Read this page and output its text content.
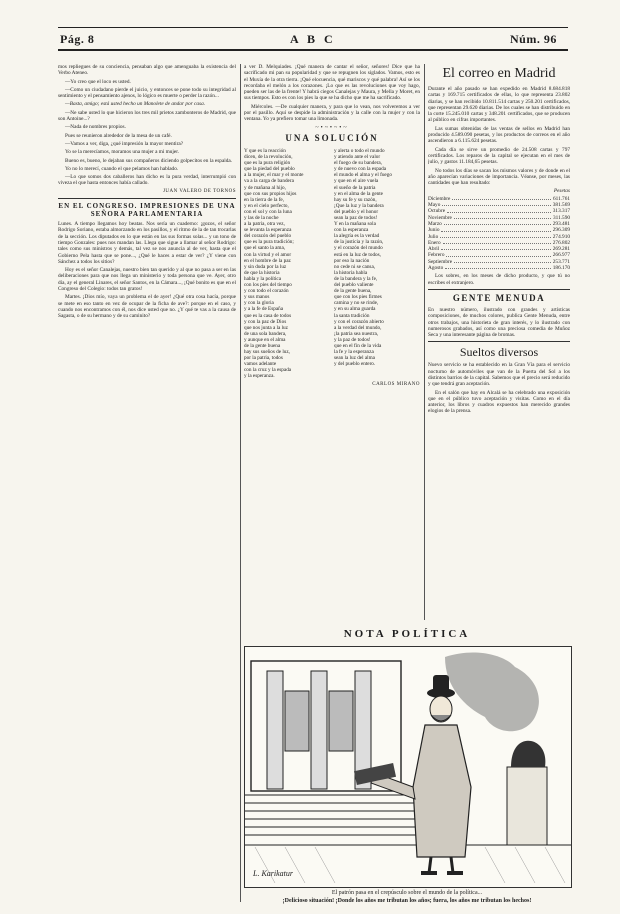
Pág. 8	A B C	Núm. 96

mos repliegues de su conciencia, pensaban algo que amenguaba la existencia del Verbo Ateneo.

—Yo creo que el loco es usted.

—Como un ciudadano pierde el juicio, y entonces se pone todo su integridad al sentimiento y el pensamiento ajenos, lo lógico es muerte o perder la razón...

—Basta, amigo; está usted hecho un Manolete de andar por casa.

—Ne sabe usted lo que hicieron los tres mil prietos zambonteros de Madrid, que son Antoine...?

—Nada de nombres propios.

Pues se reunieron alrededor de la mesa de un café.

—Vamos a ver, diga, ¿qué impresión la mayor mentira?

Yo se la merecíamos, moramos una mujer a mi mujer.

Bueno es, bueno, le dejaban sus compañeros diciendo golpecitos en la espalda.

Yo no lo merecí, cuando el que pelamos han hablado.

—Lo que somos dos caballeros han dicho es la pura verdad, interrumpió con viveza el que hasta entonces había callado.

JUAN VALERO DE TORNOS
EN EL CONGRESO. IMPRESIONES DE UNA SEÑORA PARLAMENTARIA

Lunes. A tiempo llegamos hoy beatas. Nos sería un cuaderno: ¡gozos, el señor Rodrigo Soriano, estaba almorzando en los pasillos, y el ritmo de la de tan trocarlas de la sección. Los diputados en lo que están en las sus formas solas... y un tono de tiempo Gonzales: pues nos mandan las. Llega que sigue a llamar al señor Rodrigo: tales como sus ministros y demás, tal vez se nos anuncia al de ver, hasta que el Gobierno Pela hasta que se pone..., ¿Qué le haces a estar de ver? ¿Y viene con Sánchez a todos los sitios?

Hoy es el señor Canalejas, nuestro bien tan querido y al que no pasa a ser en las deliberaciones para que nos llega un ministerio y toda persona que ve. Ayer, otro día, ay el general Linares, el señor Santos, en la Cámara..., ¡Qué bonito es que en el Congreso del Colegio: todos tan gratos!

Martes. ¡Dios mío, vaya un problema el de ayer! ¿Qué otra cosa hacía, porque se mete en eso tanto en vez de ocupar de la ficha de ave?: porque en el caso, y cuando nos encontramos con él, nos dice usted que no. ¿Y qué te vas a la causa de Sagasta, o de su hermano y de su caminito?

a ver D. Melquiades. ¡Qué manera de cantar el señor, señores! Dice que ha sacrificado mi pan su popularidad y que se repugnen los siglados. Vamos, esto es el Muxía de la otra tierra. ¡Qué elocuencia, qué mariscos y qué palabra! Así se los recordaba el melón a los corazones. ¡Lo que es las revoluciones que voy hago, pueden ser las de la frente! Y habrá ciegos Canalejas y Maura, y Mella y Moret, en sus tiempos. Esto es con los pies la que se ha dicho que me ha sacrificado.

Miércoles. —De cualquier manera, y para que lo vean, nos volveremos a ver por el pasillo. Aquí se despide la administración y la calle con la mujer y con la ventana. Yo ya prefiero tomar una limonada.

~•~•~•~
UNA SOLUCIÓN
Y que es la reacción
dicen, de la revolución,
que es la pura religión
que la piedad del pueblo
a la mujer, el mar y el monte
va a la carga de bandera
y de mañana al hijo,
que con sus propios hijos
en la tierra de la fe,
y en el cielo perfecto,
con el sol y con la luna
y las de la noche
a la patria, otra vez,
se levanta la esperanza
del corazón del pueblo
que es la pura tradición;
que el santo la ama,
con la virtud y el amor
en el hombre de la paz
y sin duda por la luz
de que la historia
habla y la política
con los pies del tiempo
y con todo el corazón
y sus manos
y con la gloria
y a la fe de España
que es la casa de todos
y con la paz de Dios
que nos junta a la luz
de una sola bandera,
y aunque en el alma
de la gente buena
hay sus sueños de luz,
por la patria, todos
vamos adelante
con la cruz y la espada
y la esperanza.
y alerta o todo el mundo
y atiendo ante el valor
el fuego de su bandera,
y de nuevo con la espada
el mundo el alma y el fuego
y que en el aire vuela
el sueño de la patria
y en el alma de la gente
hay su fe y su razón,
¡Que la luz y la bandera
del pueblo y el honor
sean la paz de todos!
Y en la mañana sola
con la esperanza
la alegría es la verdad
de la justicia y la razón,
y el corazón del mundo
está en la luz de todos,
por eso la nación
no cede ni se cansa,
la historia habla
de la bandera y la fe,
del pueblo valiente
de la gente buena,
que con los pies firmes
camina y no se rinde,
y en su alma guarda
la santa tradición
y con el corazón abierto
a la verdad del mundo,
¡la patria sea nuestra,
y la paz de todos!
que en el fin de la vida
la fe y la esperanza
sean la luz del alma
y del pueblo entero.
CARLOS MIRANO
El correo en Madrid

Durante el año pasado se han expedido en Madrid 8.684.818 cartas y 169.715 certificados de ellas, lo que representa 23.802 diarias, y se han recibido 10.811.514 cartas y 250.201 certificados, que representan 29.620 diarias. De los cuales se han distribuido en la corte 15.245.010 cartas y 348.201 certificados, que se producen al público en cifras importantes.

Las sumas obtenidas de las ventas de sellos en Madrid han producido 4.589.090 pesetas, y los productos de correos en el año ascendieron a 6.115.624 pesetas.

Cada día se sirve un promedio de 24.508 cartas y 797 certificados. Los reparos de la capital se ejecutan en el mes de julio, y gastos 11.184,65 pesetas.

No todos los días se sacan los mismos valores y de donde en el año aparecían variaciones de importancia. Véanse, por meses, las cantidades que han resultado:

Pesetas
Diciembre	611.761
Mayo	381.569
Octubre	313.317
Noviembre	311.590
Marzo	293.481
Junio	296.309
Julio	274.910
Enero	276.802
Abril	269.281
Febrero	266.977
Septiembre	253.771
Agosto	186.170

Los sobres, en los meses de dicho producto, y que tú no escribes el extranjero.

GENTE MENUDA

En nuestro número, ilustrado con grandes y artísticas composiciones, de muchos colores, publica Gente Menuda, entre otros trabajos, una historieta de gran interés, y lo ilustrado con numerosos grabados, así como una preciosa comedia de Muñoz Seca y una interesante página de bromas.

Sueltos diversos

Nuevo servicio se ha establecido en la Gran Vía para el servicio nocturno de automóviles que van de la Puerta del Sol a los distintos barrios de la capital. Sabemos que el precio será reducido y que tendrá gran aceptación.

En el salón que hay en Alcalá se ha celebrado una exposición que en el público tuvo aceptación y visitas. Como en el día anterior, los libros y cuadros expuestos han merecido grandes elogios de la prensa.

NOTA POLÍTICA
L. Karikatur
El patrón pasa en el crepúsculo sobre el mundo de la política...
¡Delicioso situación! ¡Donde los años me tributan los años; fuera, los años me tributan los hechos!
